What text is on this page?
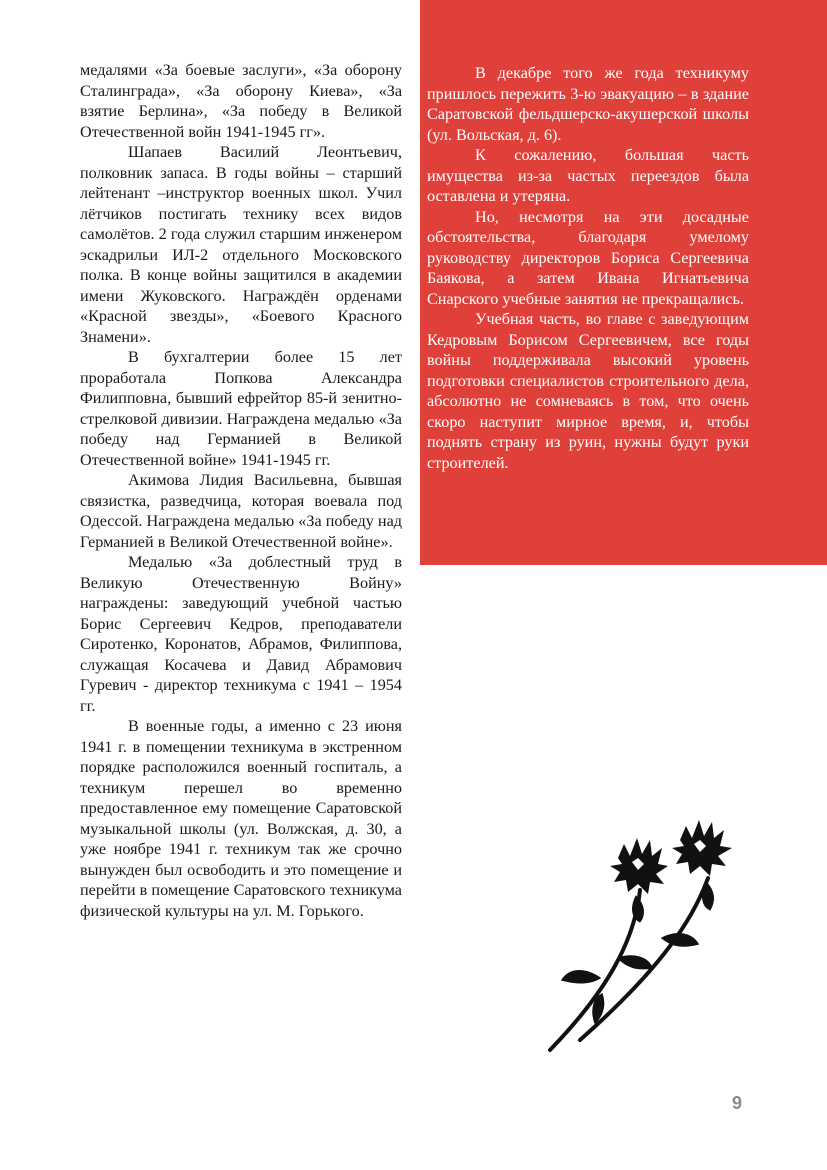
медалями «За боевые заслуги», «За оборону Сталинграда», «За оборону Киева», «За взятие Берлина», «За победу в Великой Отечественной войн 1941-1945 гг».

Шапаев Василий Леонтьевич, полковник запаса. В годы войны – старший лейтенант –инструктор военных школ. Учил лётчиков постигать технику всех видов самолётов. 2 года служил старшим инженером эскадрильи ИЛ-2 отдельного Московского полка. В конце войны защитился в академии имени Жуковского. Награждён орденами «Красной звезды», «Боевого Красного Знамени».

В бухгалтерии более 15 лет проработала Попкова Александра Филипповна, бывший ефрейтор 85-й зенитно-стрелковой дивизии. Награждена медалью «За победу над Германией в Великой Отечественной войне» 1941-1945 гг.

Акимова Лидия Васильевна, бывшая связистка, разведчица, которая воевала под Одессой. Награждена медалью «За победу над Германией в Великой Отечественной войне».

Медалью «За доблестный труд в Великую Отечественную Войну» награждены: заведующий учебной частью Борис Сергеевич Кедров, преподаватели Сиротенко, Коронатов, Абрамов, Филиппова, служащая Косачева и Давид Абрамович Гуревич - директор техникума с 1941 – 1954 гг.

В военные годы, а именно с 23 июня 1941 г. в помещении техникума в экстренном порядке расположился военный госпиталь, а техникум перешел во временно предоставленное ему помещение Саратовской музыкальной школы (ул. Волжская, д. 30, а уже ноябре 1941 г. техникум так же срочно вынужден был освободить и это помещение и перейти в помещение Саратовского техникума физической культуры на ул. М. Горького.

В декабре того же года техникуму пришлось пережить 3-ю эвакуацию – в здание Саратовской фельдшерско-акушерской школы (ул. Вольская, д. 6).

К сожалению, большая часть имущества из-за частых переездов была оставлена и утеряна.

Но, несмотря на эти досадные обстоятельства, благодаря умелому руководству директоров Бориса Сергеевича Баякова, а затем Ивана Игнатьевича Снарского учебные занятия не прекращались.

Учебная часть, во главе с заведующим Кедровым Борисом Сергеевичем, все годы войны поддерживала высокий уровень подготовки специалистов строительного дела, абсолютно не сомневаясь в том, что очень скоро наступит мирное время, и, чтобы поднять страну из руин, нужны будут руки строителей.

9
